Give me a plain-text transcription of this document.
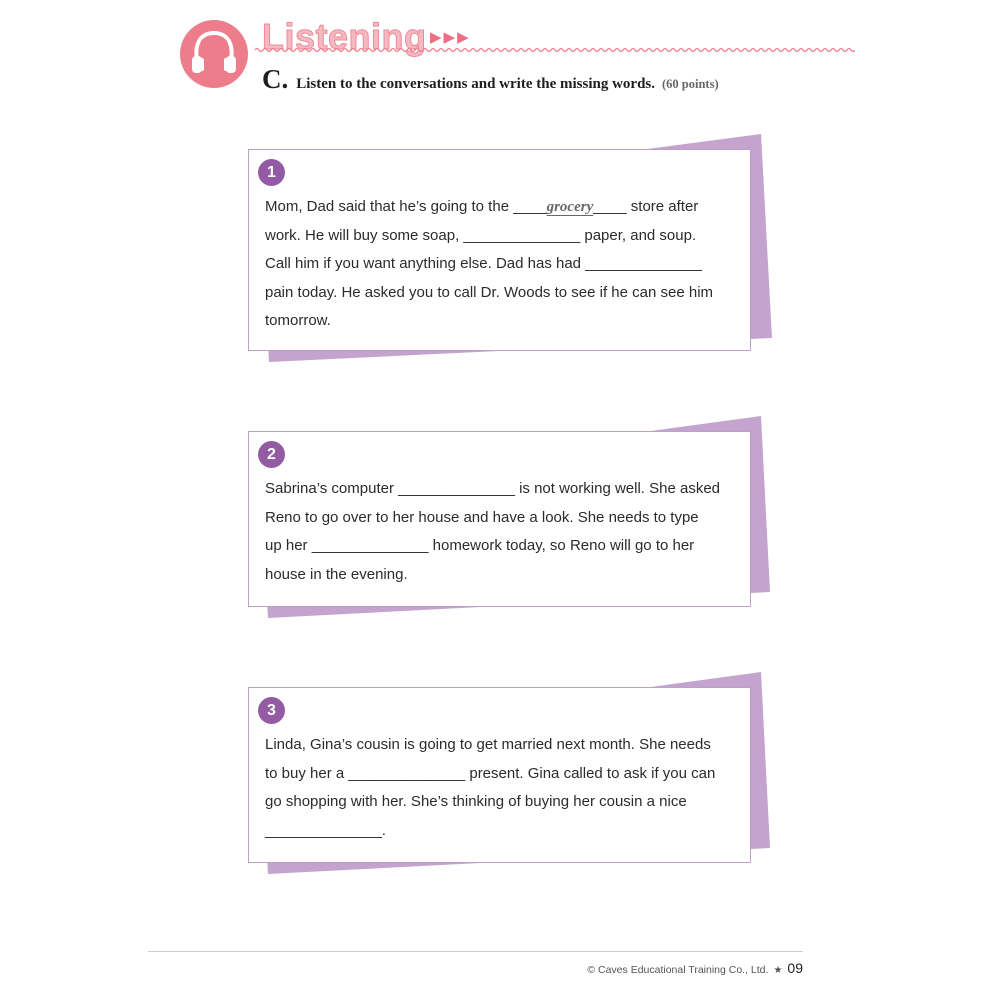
Listening ▶▶▶
C. Listen to the conversations and write the missing words. (60 points)
1
Mom, Dad said that he’s going to the ____grocery____ store after
work. He will buy some soap, ______________ paper, and soup.
Call him if you want anything else. Dad has had ______________
pain today. He asked you to call Dr. Woods to see if he can see him
tomorrow.
2
Sabrina’s computer ______________ is not working well. She asked
Reno to go over to her house and have a look. She needs to type
up her ______________ homework today, so Reno will go to her
house in the evening.
3
Linda, Gina’s cousin is going to get married next month. She needs
to buy her a ______________ present. Gina called to ask if you can
go shopping with her. She’s thinking of buying her cousin a nice
______________.
© Caves Educational Training Co., Ltd. ★ 09
